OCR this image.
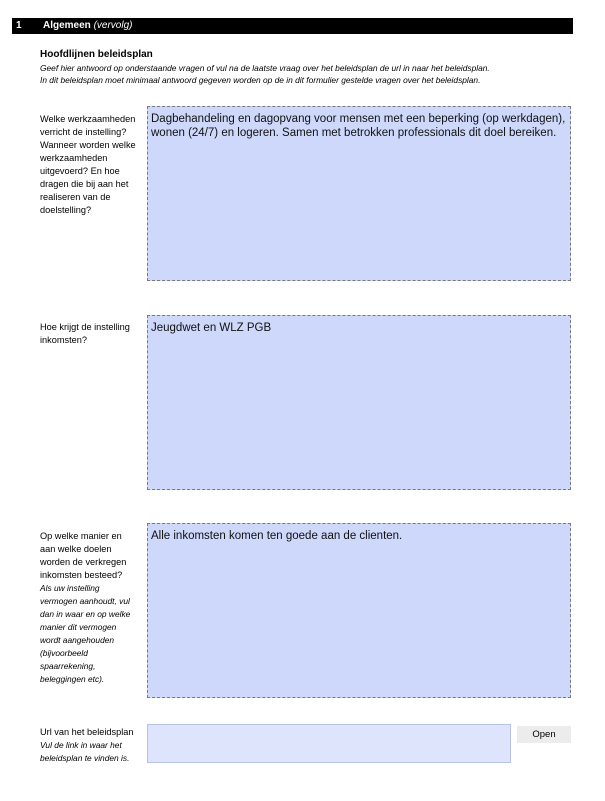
1 Algemeen (vervolg)
Hoofdlijnen beleidsplan
Geef hier antwoord op onderstaande vragen of vul na de laatste vraag over het beleidsplan de url in naar het beleidsplan.
In dit beleidsplan moet minimaal antwoord gegeven worden op de in dit formulier gestelde vragen over het beleidsplan.
Welke werkzaamheden verricht de instelling? Wanneer worden welke werkzaamheden uitgevoerd? En hoe dragen die bij aan het realiseren van de doelstelling?
Dagbehandeling en dagopvang voor mensen met een beperking (op werkdagen), wonen (24/7) en logeren. Samen met betrokken professionals dit doel bereiken.
Hoe krijgt de instelling inkomsten?
Jeugdwet en WLZ PGB
Op welke manier en aan welke doelen worden de verkregen inkomsten besteed?
Als uw instelling vermogen aanhoudt, vul dan in waar en op welke manier dit vermogen wordt aangehouden (bijvoorbeeld spaarrekening, beleggingen etc).
Alle inkomsten komen ten goede aan de clienten.
Url van het beleidsplan
Vul de link in waar het beleidsplan te vinden is.
Open
